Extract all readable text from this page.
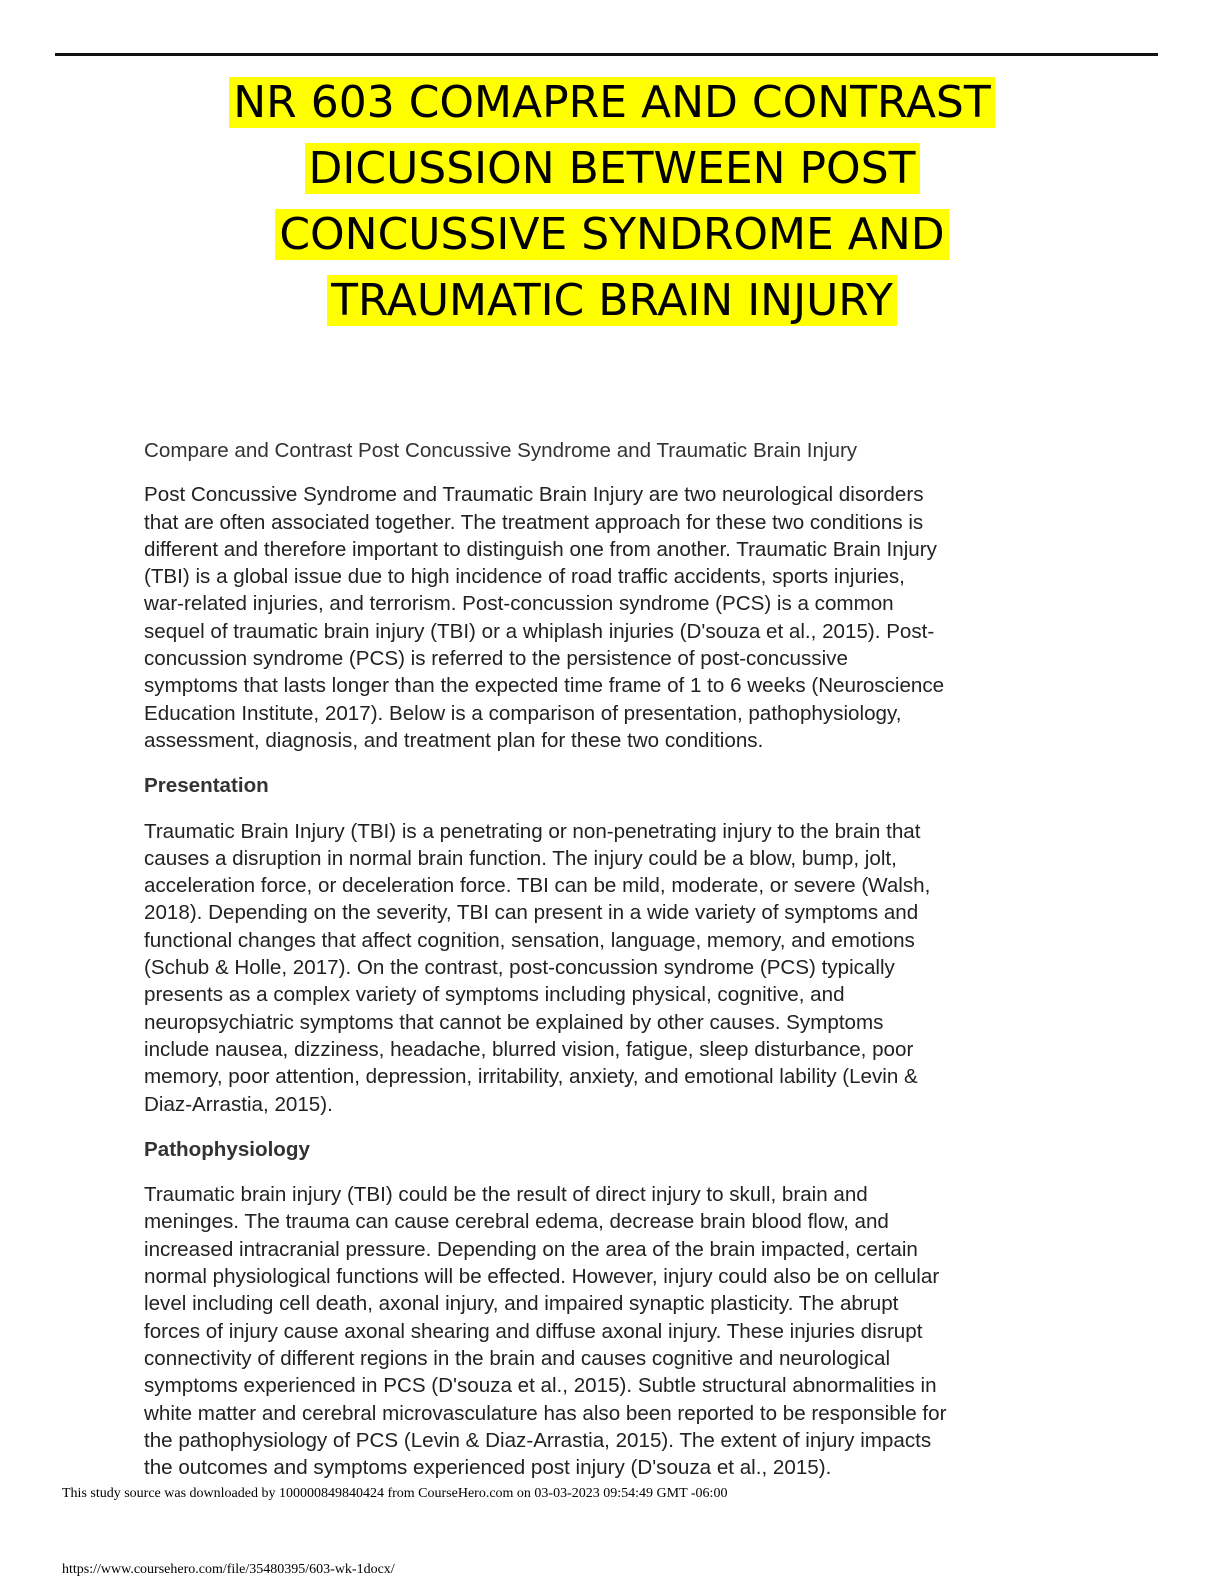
NR 603 COMAPRE AND CONTRAST
DICUSSION BETWEEN POST
CONCUSSIVE SYNDROME AND
TRAUMATIC BRAIN INJURY
Compare and Contrast Post Concussive Syndrome and Traumatic Brain Injury

Post Concussive Syndrome and Traumatic Brain Injury are two neurological disorders
that are often associated together. The treatment approach for these two conditions is
different and therefore important to distinguish one from another. Traumatic Brain Injury
(TBI) is a global issue due to high incidence of road traffic accidents, sports injuries,
war-related injuries, and terrorism. Post-concussion syndrome (PCS) is a common
sequel of traumatic brain injury (TBI) or a whiplash injuries (D'souza et al., 2015). Post-
concussion syndrome (PCS) is referred to the persistence of post-concussive
symptoms that lasts longer than the expected time frame of 1 to 6 weeks (Neuroscience
Education Institute, 2017). Below is a comparison of presentation, pathophysiology,
assessment, diagnosis, and treatment plan for these two conditions.

Presentation

Traumatic Brain Injury (TBI) is a penetrating or non-penetrating injury to the brain that
causes a disruption in normal brain function. The injury could be a blow, bump, jolt,
acceleration force, or deceleration force. TBI can be mild, moderate, or severe (Walsh,
2018). Depending on the severity, TBI can present in a wide variety of symptoms and
functional changes that affect cognition, sensation, language, memory, and emotions
(Schub & Holle, 2017). On the contrast, post-concussion syndrome (PCS) typically
presents as a complex variety of symptoms including physical, cognitive, and
neuropsychiatric symptoms that cannot be explained by other causes. Symptoms
include nausea, dizziness, headache, blurred vision, fatigue, sleep disturbance, poor
memory, poor attention, depression, irritability, anxiety, and emotional lability (Levin &
Diaz-Arrastia, 2015).

Pathophysiology

Traumatic brain injury (TBI) could be the result of direct injury to skull, brain and
meninges. The trauma can cause cerebral edema, decrease brain blood flow, and
increased intracranial pressure. Depending on the area of the brain impacted, certain
normal physiological functions will be effected. However, injury could also be on cellular
level including cell death, axonal injury, and impaired synaptic plasticity. The abrupt
forces of injury cause axonal shearing and diffuse axonal injury. These injuries disrupt
connectivity of different regions in the brain and causes cognitive and neurological
symptoms experienced in PCS (D'souza et al., 2015). Subtle structural abnormalities in
white matter and cerebral microvasculature has also been reported to be responsible for
the pathophysiology of PCS (Levin & Diaz-Arrastia, 2015). The extent of injury impacts
the outcomes and symptoms experienced post injury (D'souza et al., 2015).

This study source was downloaded by 100000849840424 from CourseHero.com on 03-03-2023 09:54:49 GMT -06:00
https://www.coursehero.com/file/35480395/603-wk-1docx/
